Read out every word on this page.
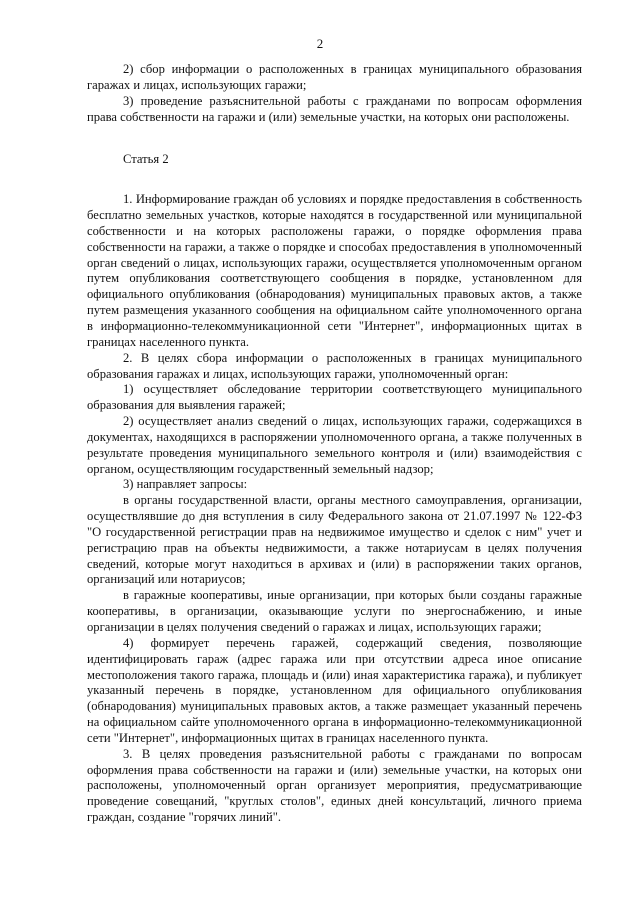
2

2) сбор информации о расположенных в границах муниципального образования гаражах и лицах, использующих гаражи;

3) проведение разъяснительной работы с гражданами по вопросам оформления права собственности на гаражи и (или) земельные участки, на которых они расположены.

Статья 2

1. Информирование граждан об условиях и порядке предоставления в собственность бесплатно земельных участков, которые находятся в государственной или муниципальной собственности и на которых расположены гаражи, о порядке оформления права собственности на гаражи, а также о порядке и способах предоставления в уполномоченный орган сведений о лицах, использующих гаражи, осуществляется уполномоченным органом путем опубликования соответствующего сообщения в порядке, установленном для официального опубликования (обнародования) муниципальных правовых актов, а также путем размещения указанного сообщения на официальном сайте уполномоченного органа в информационно-телекоммуникационной сети "Интернет", информационных щитах в границах населенного пункта.

2. В целях сбора информации о расположенных в границах муниципального образования гаражах и лицах, использующих гаражи, уполномоченный орган:

1) осуществляет обследование территории соответствующего муниципального образования для выявления гаражей;

2) осуществляет анализ сведений о лицах, использующих гаражи, содержащихся в документах, находящихся в распоряжении уполномоченного органа, а также полученных в результате проведения муниципального земельного контроля и (или) взаимодействия с органом, осуществляющим государственный земельный надзор;

3) направляет запросы:

в органы государственной власти, органы местного самоуправления, организации, осуществлявшие до дня вступления в силу Федерального закона от 21.07.1997 № 122-ФЗ "О государственной регистрации прав на недвижимое имущество и сделок с ним" учет и регистрацию прав на объекты недвижимости, а также нотариусам в целях получения сведений, которые могут находиться в архивах и (или) в распоряжении таких органов, организаций или нотариусов;

в гаражные кооперативы, иные организации, при которых были созданы гаражные кооперативы, в организации, оказывающие услуги по энергоснабжению, и иные организации в целях получения сведений о гаражах и лицах, использующих гаражи;

4) формирует перечень гаражей, содержащий сведения, позволяющие идентифицировать гараж (адрес гаража или при отсутствии адреса иное описание местоположения такого гаража, площадь и (или) иная характеристика гаража), и публикует указанный перечень в порядке, установленном для официального опубликования (обнародования) муниципальных правовых актов, а также размещает указанный перечень на официальном сайте уполномоченного органа в информационно-телекоммуникационной сети "Интернет", информационных щитах в границах населенного пункта.

3. В целях проведения разъяснительной работы с гражданами по вопросам оформления права собственности на гаражи и (или) земельные участки, на которых они расположены, уполномоченный орган организует мероприятия, предусматривающие проведение совещаний, "круглых столов", единых дней консультаций, личного приема граждан, создание "горячих линий".
